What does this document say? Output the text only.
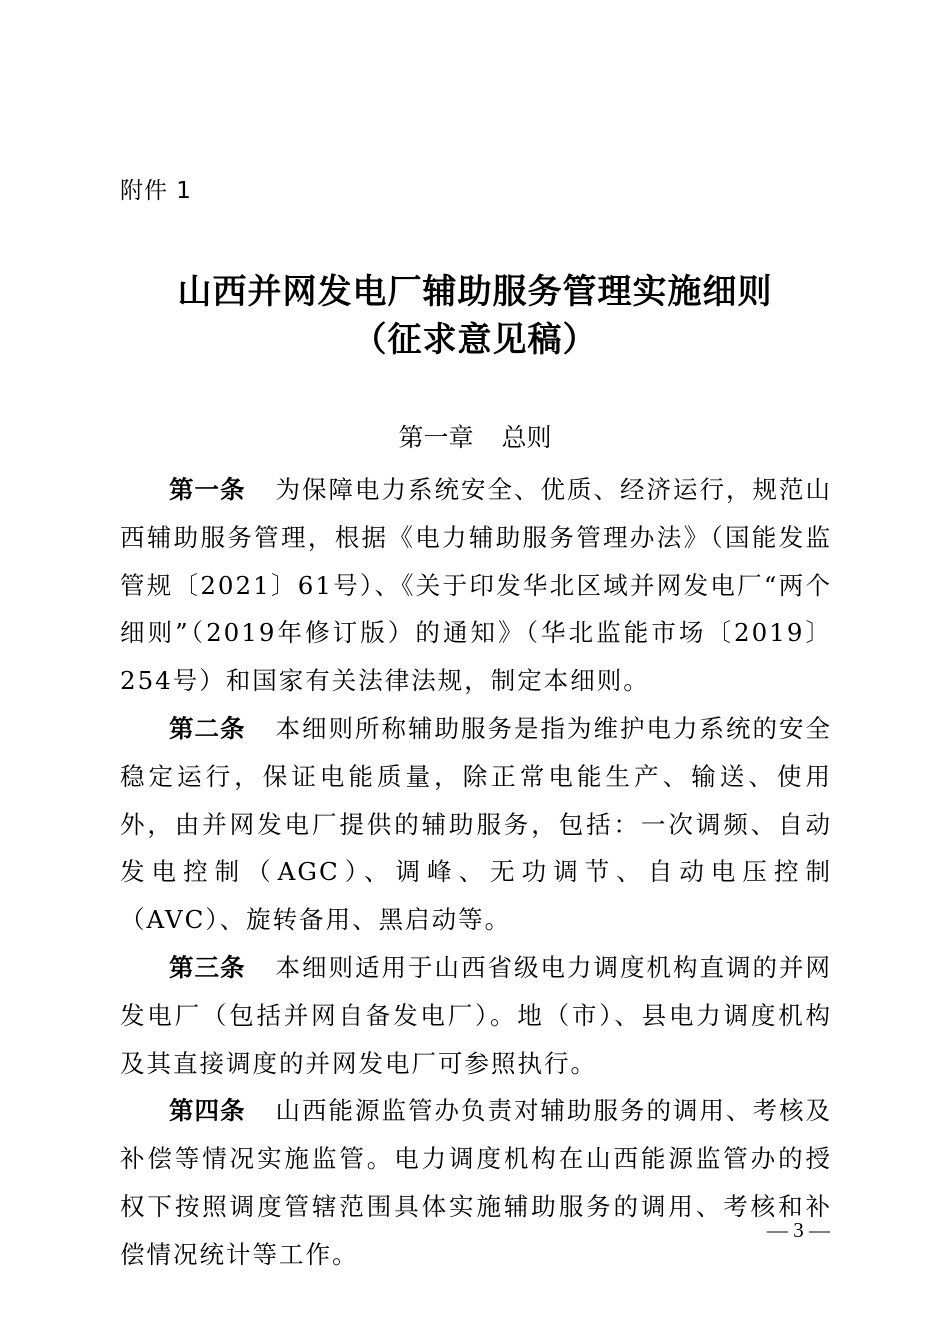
附件 1
山西并网发电厂辅助服务管理实施细则
（征求意见稿）
第一章 总则

第一条 为保障电力系统安全、优质、经济运行，规范山西辅助服务管理，根据《电力辅助服务管理办法》（国能发监管规〔2021〕61号）、《关于印发华北区域并网发电厂“两个细则”（2019年修订版）的通知》（华北监能市场〔2019〕254号）和国家有关法律法规，制定本细则。

第二条 本细则所称辅助服务是指为维护电力系统的安全稳定运行，保证电能质量，除正常电能生产、输送、使用外，由并网发电厂提供的辅助服务，包括：一次调频、自动发电控制（AGC）、调峰、无功调节、自动电压控制（AVC）、旋转备用、黑启动等。

第三条 本细则适用于山西省级电力调度机构直调的并网发电厂（包括并网自备发电厂）。地（市）、县电力调度机构及其直接调度的并网发电厂可参照执行。

第四条 山西能源监管办负责对辅助服务的调用、考核及补偿等情况实施监管。电力调度机构在山西能源监管办的授权下按照调度管辖范围具体实施辅助服务的调用、考核和补偿情况统计等工作。

— 3 —
